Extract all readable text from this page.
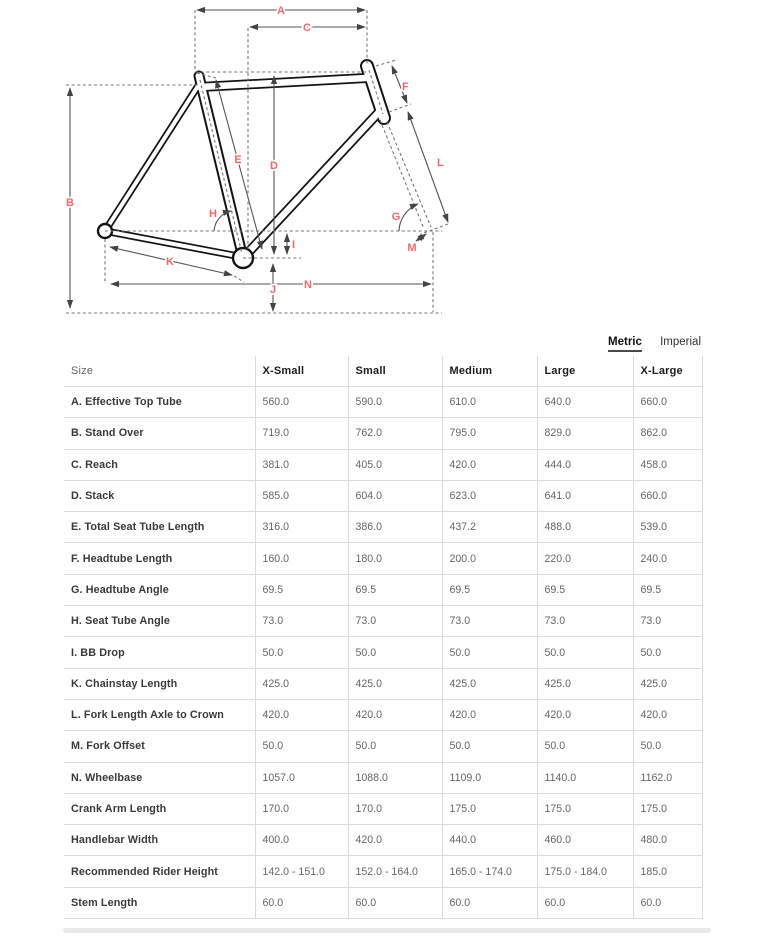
A
B
C
D
E
F
G
H
I
J
K
L
M
N
Metric Imperial
Size	X-Small	Small	Medium	Large	X-Large
A. Effective Top Tube	560.0	590.0	610.0	640.0	660.0
B. Stand Over	719.0	762.0	795.0	829.0	862.0
C. Reach	381.0	405.0	420.0	444.0	458.0
D. Stack	585.0	604.0	623.0	641.0	660.0
E. Total Seat Tube Length	316.0	386.0	437.2	488.0	539.0
F. Headtube Length	160.0	180.0	200.0	220.0	240.0
G. Headtube Angle	69.5	69.5	69.5	69.5	69.5
H. Seat Tube Angle	73.0	73.0	73.0	73.0	73.0
I. BB Drop	50.0	50.0	50.0	50.0	50.0
K. Chainstay Length	425.0	425.0	425.0	425.0	425.0
L. Fork Length Axle to Crown	420.0	420.0	420.0	420.0	420.0
M. Fork Offset	50.0	50.0	50.0	50.0	50.0
N. Wheelbase	1057.0	1088.0	1109.0	1140.0	1162.0
Crank Arm Length	170.0	170.0	175.0	175.0	175.0
Handlebar Width	400.0	420.0	440.0	460.0	480.0
Recommended Rider Height	142.0 - 151.0	152.0 - 164.0	165.0 - 174.0	175.0 - 184.0	185.0
Stem Length	60.0	60.0	60.0	60.0	60.0
